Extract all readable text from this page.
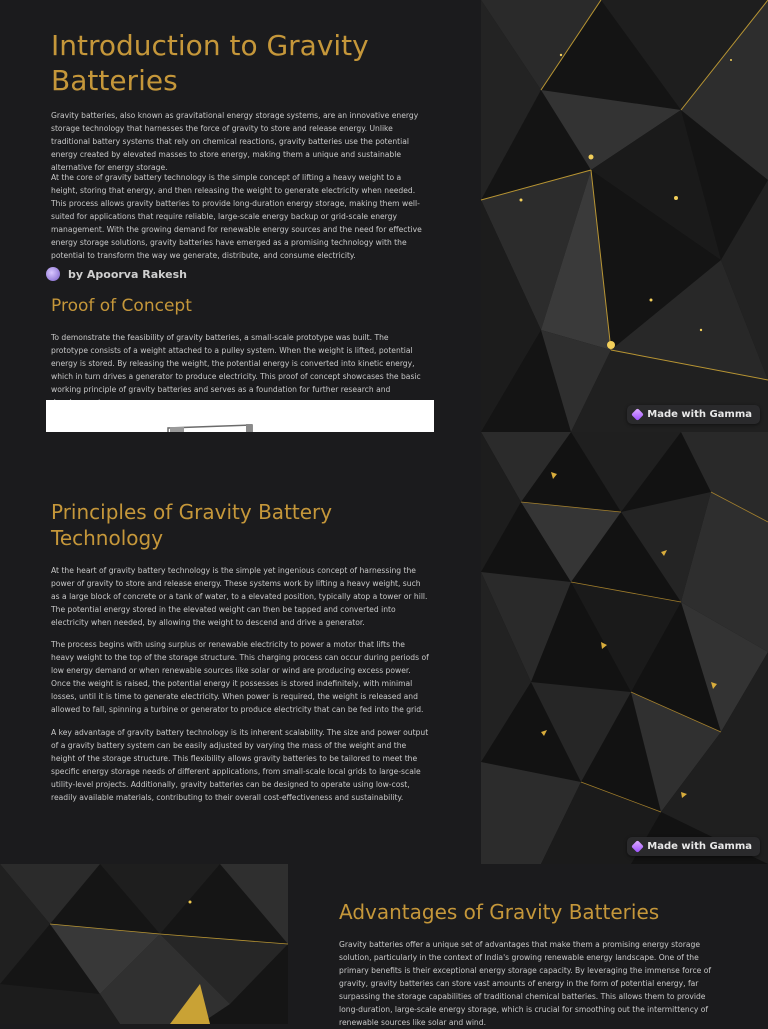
Introduction to Gravity Batteries

Gravity batteries, also known as gravitational energy storage systems, are an innovative energy storage technology that harnesses the force of gravity to store and release energy. Unlike traditional battery systems that rely on chemical reactions, gravity batteries use the potential energy created by elevated masses to store energy, making them a unique and sustainable alternative for energy storage.

At the core of gravity battery technology is the simple concept of lifting a heavy weight to a height, storing that energy, and then releasing the weight to generate electricity when needed. This process allows gravity batteries to provide long-duration energy storage, making them well-suited for applications that require reliable, large-scale energy backup or grid-scale energy management. With the growing demand for renewable energy sources and the need for effective energy storage solutions, gravity batteries have emerged as a promising technology with the potential to transform the way we generate, distribute, and consume electricity.

by Apoorva Rakesh
Proof of Concept

To demonstrate the feasibility of gravity batteries, a small-scale prototype was built. The prototype consists of a weight attached to a pulley system. When the weight is lifted, potential energy is stored. By releasing the weight, the potential energy is converted into kinetic energy, which in turn drives a generator to produce electricity. This proof of concept showcases the basic working principle of gravity batteries and serves as a foundation for further research and

Made with Gamma
Principles of Gravity Battery Technology

At the heart of gravity battery technology is the simple yet ingenious concept of harnessing the power of gravity to store and release energy. These systems work by lifting a heavy weight, such as a large block of concrete or a tank of water, to a elevated position, typically atop a tower or hill. The potential energy stored in the elevated weight can then be tapped and converted into electricity when needed, by allowing the weight to descend and drive a generator.

The process begins with using surplus or renewable electricity to power a motor that lifts the heavy weight to the top of the storage structure. This charging process can occur during periods of low energy demand or when renewable sources like solar or wind are producing excess power. Once the weight is raised, the potential energy it possesses is stored indefinitely, with minimal losses, until it is time to generate electricity. When power is required, the weight is released and allowed to fall, spinning a turbine or generator to produce electricity that can be fed into the grid.

A key advantage of gravity battery technology is its inherent scalability. The size and power output of a gravity battery system can be easily adjusted by varying the mass of the weight and the height of the storage structure. This flexibility allows gravity batteries to be tailored to meet the specific energy storage needs of different applications, from small-scale local grids to large-scale utility-level projects. Additionally, gravity batteries can be designed to operate using low-cost, readily available materials, contributing to their overall cost-effectiveness and sustainability.

Made with Gamma
Advantages of Gravity Batteries

Gravity batteries offer a unique set of advantages that make them a promising energy storage solution, particularly in the context of India's growing renewable energy landscape. One of the primary benefits is their exceptional energy storage capacity. By leveraging the immense force of gravity, gravity batteries can store vast amounts of energy in the form of potential energy, far surpassing the storage capabilities of traditional chemical batteries. This allows them to provide long-duration, large-scale energy storage, which is crucial for smoothing out the intermittency of renewable sources like solar and wind.
